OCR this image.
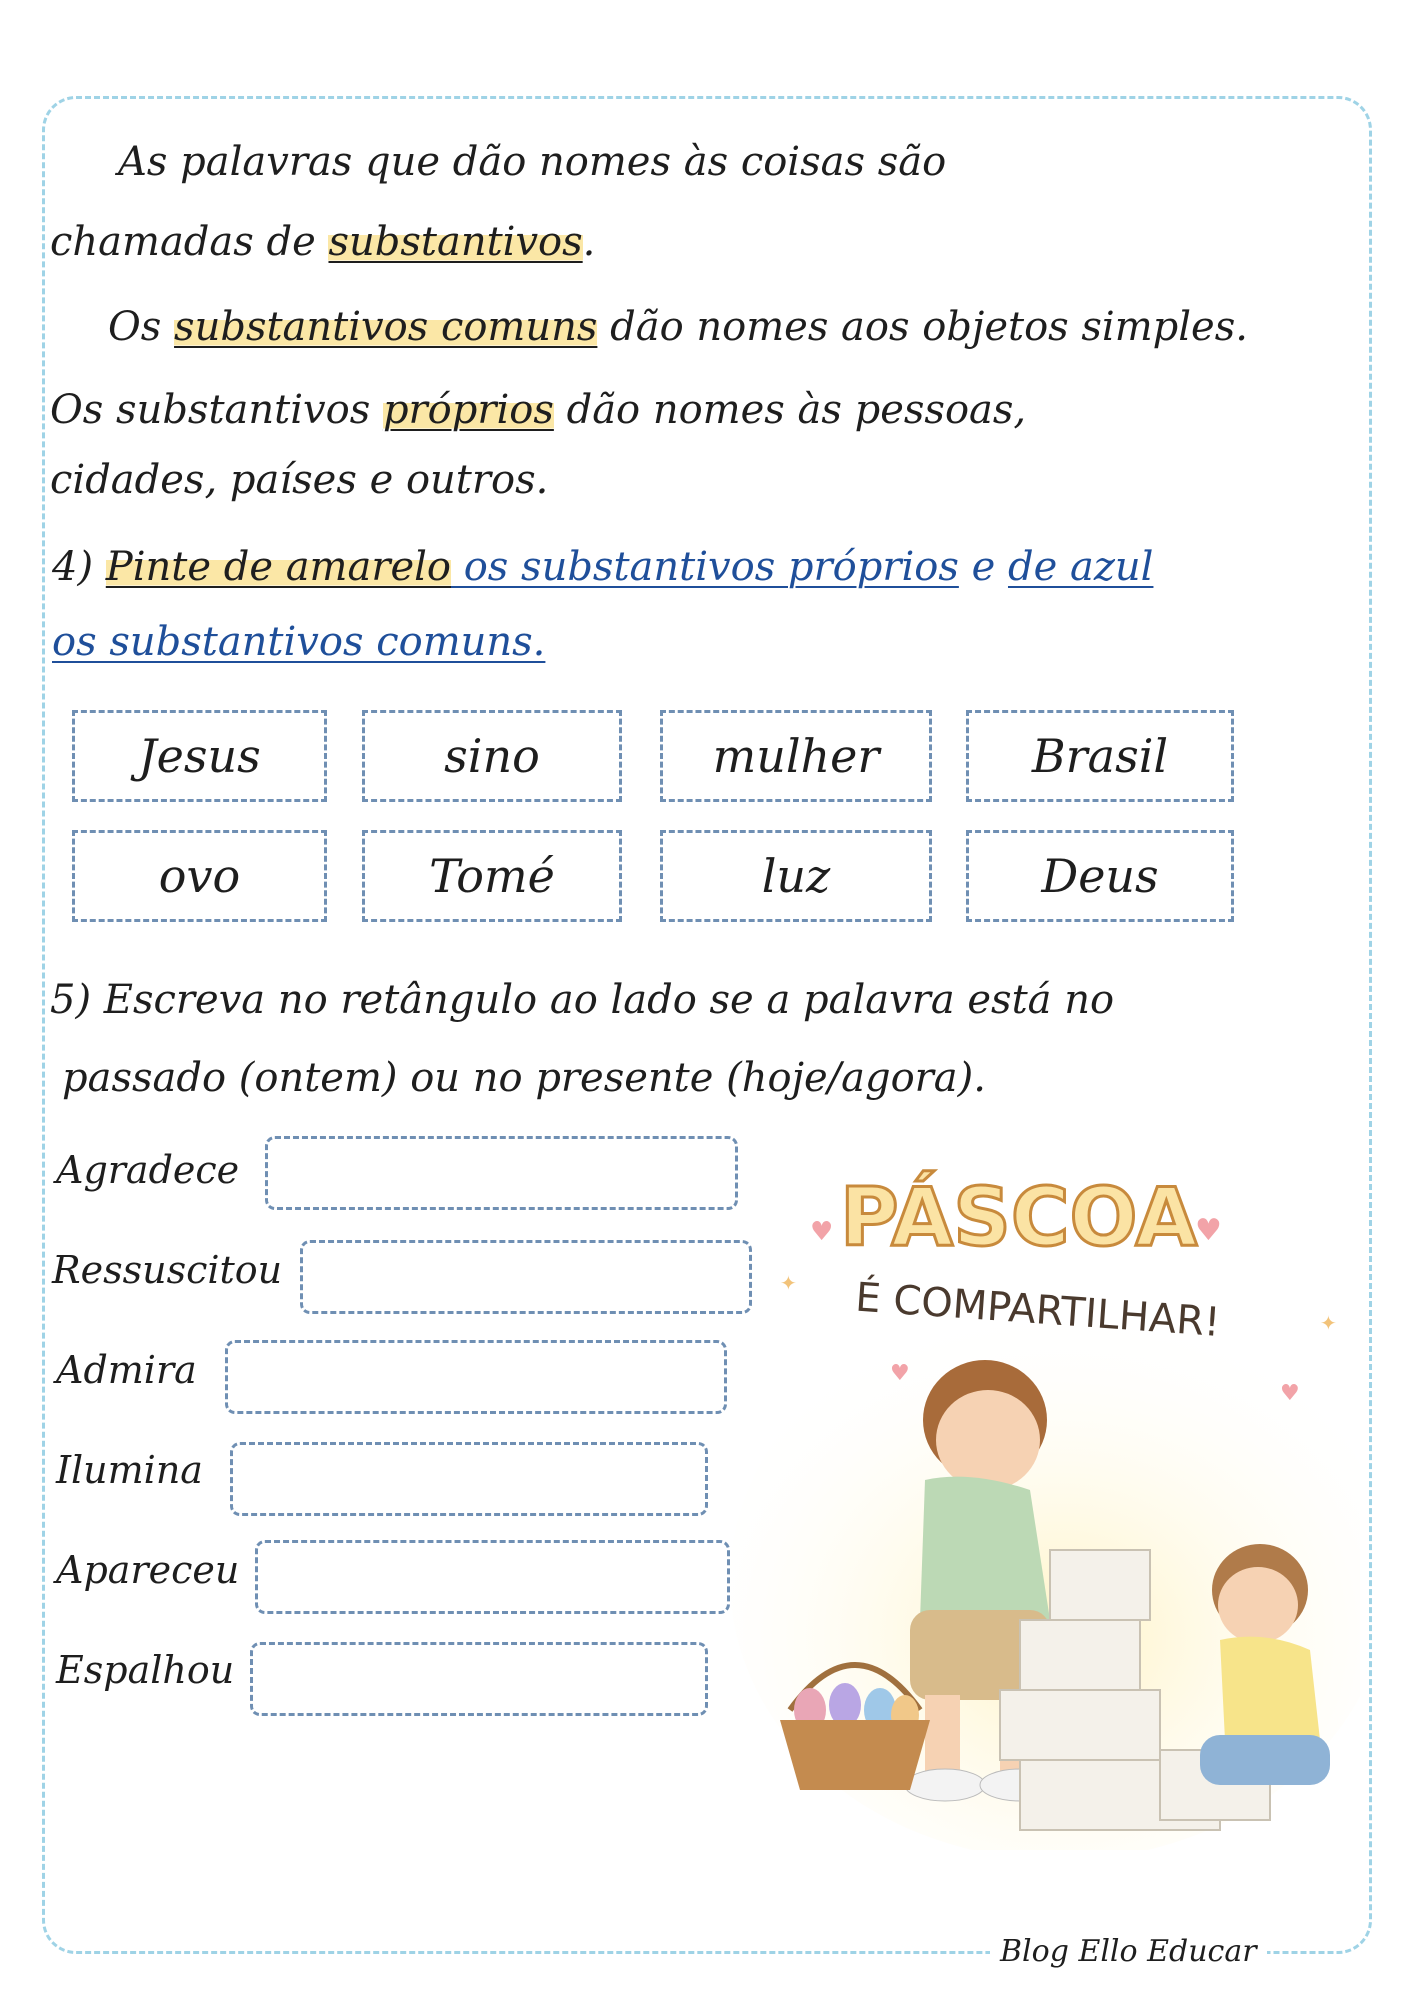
As palavras que dão nomes às coisas são
chamadas de substantivos.
Os substantivos comuns dão nomes aos objetos simples.
Os substantivos próprios dão nomes às pessoas,
cidades, países e outros.
4) Pinte de amarelo os substantivos próprios e de azul
os substantivos comuns.
Jesus	sino	mulher	Brasil
ovo	Tomé	luz	Deus
5) Escreva no retângulo ao lado se a palavra está no
passado (ontem) ou no presente (hoje/agora).
Agradece
Ressuscitou
Admira
Ilumina
Apareceu
Espalhou
PÁSCOA
É COMPARTILHAR!
♥	♥
♥
♥
✦
✦
Blog Ello Educar
